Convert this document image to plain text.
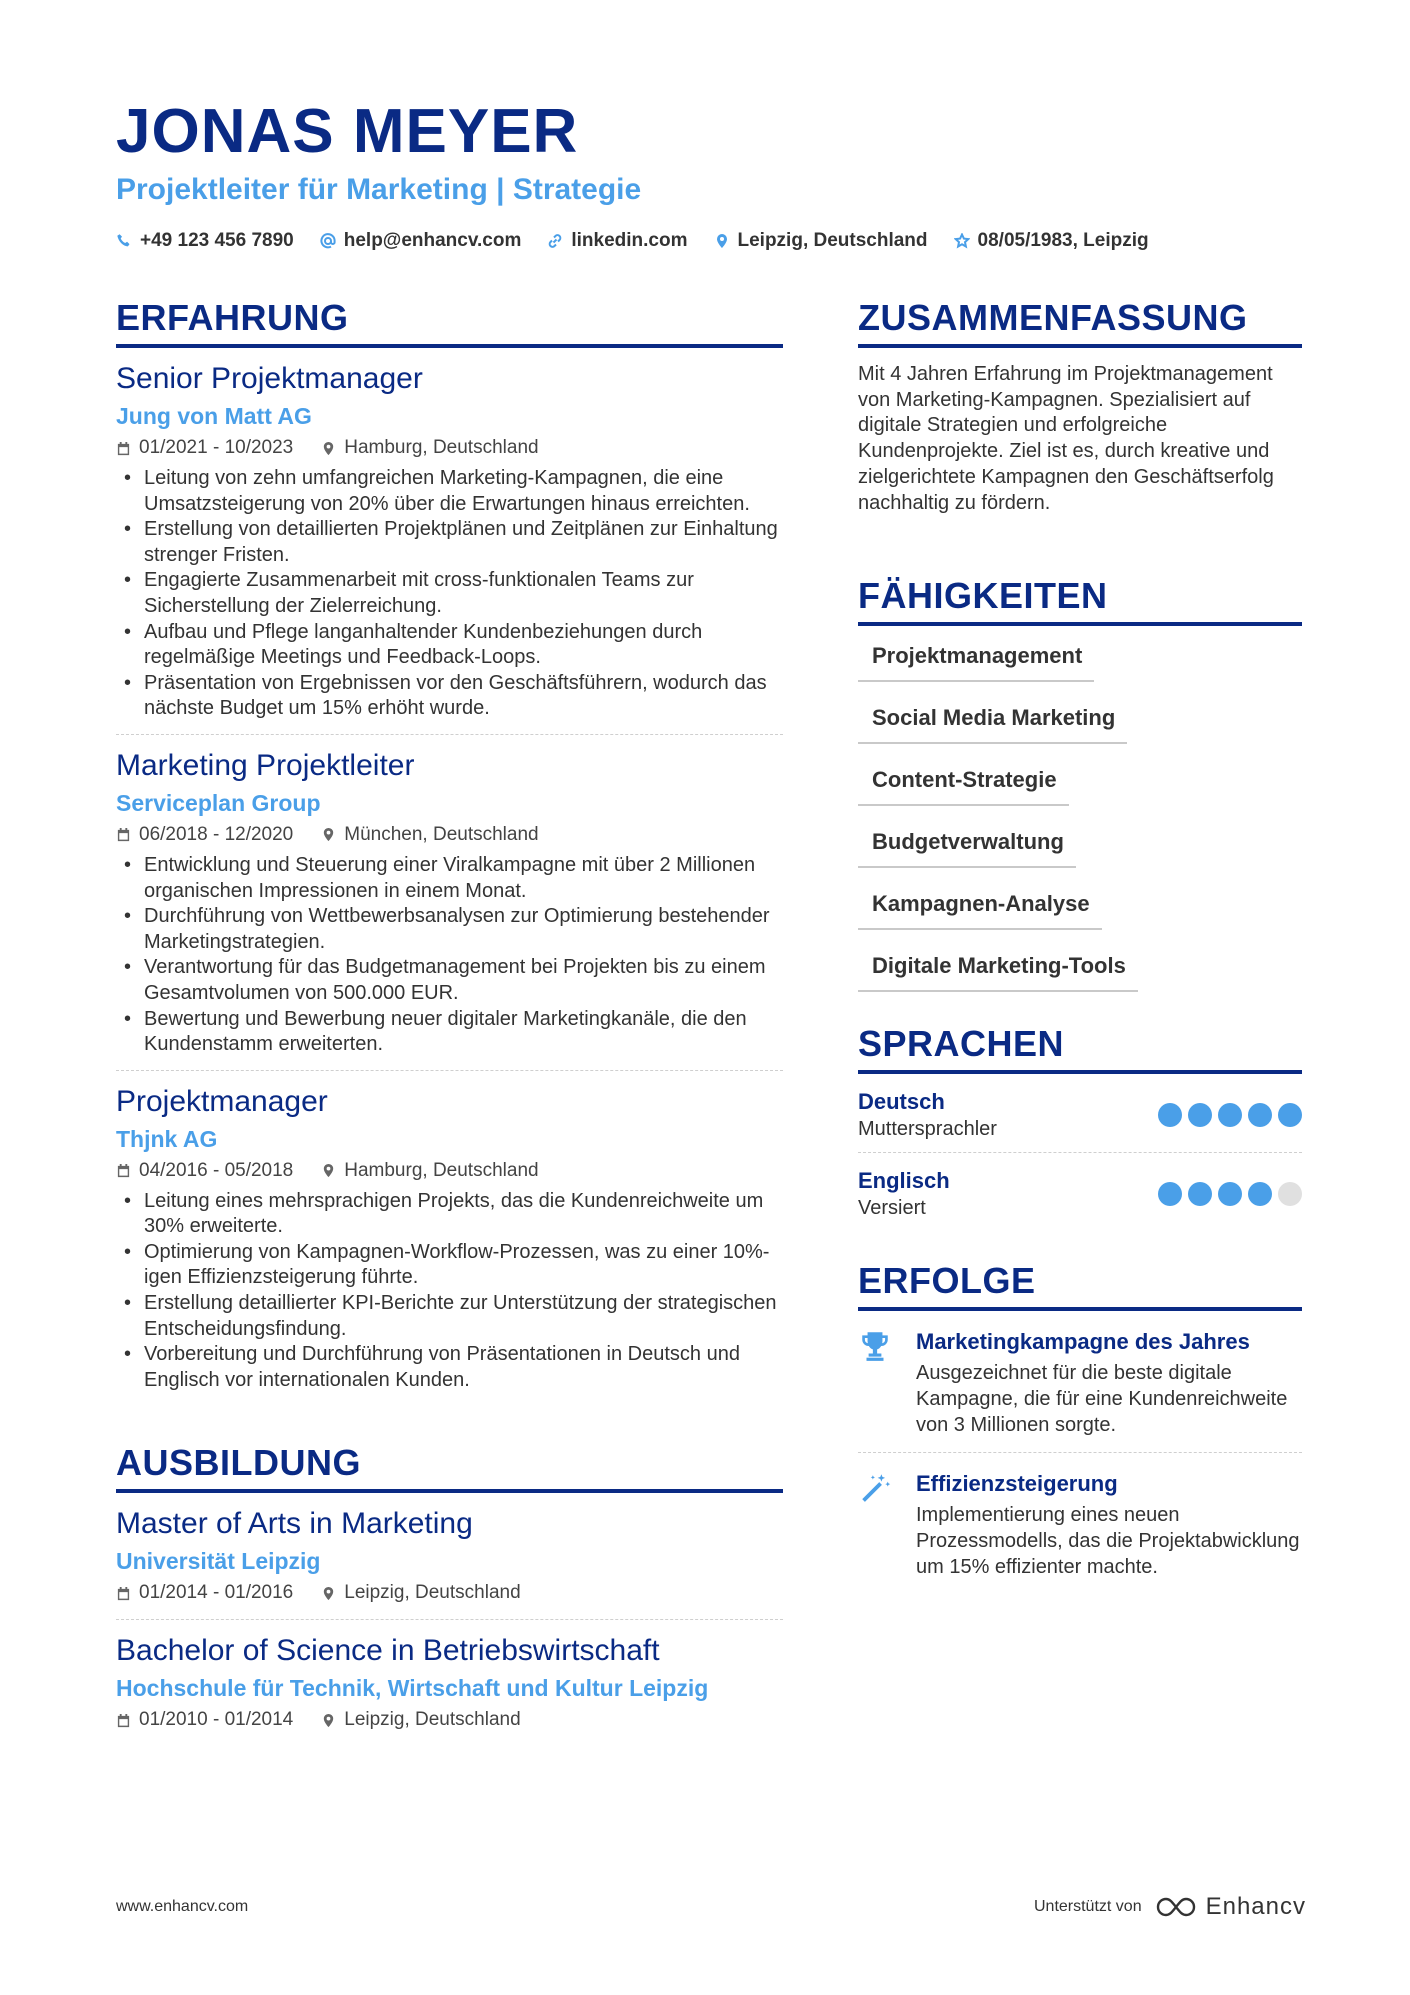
JONAS MEYER
Projektleiter für Marketing | Strategie
+49 123 456 7890	help@enhancv.com	linkedin.com	Leipzig, Deutschland	08/05/1983, Leipzig
ERFAHRUNG
Senior Projektmanager
Jung von Matt AG
01/2021 - 10/2023	Hamburg, Deutschland
• Leitung von zehn umfangreichen Marketing-Kampagnen, die eine Umsatzsteigerung von 20% über die Erwartungen hinaus erreichten.
• Erstellung von detaillierten Projektplänen und Zeitplänen zur Einhaltung strenger Fristen.
• Engagierte Zusammenarbeit mit cross-funktionalen Teams zur Sicherstellung der Zielerreichung.
• Aufbau und Pflege langanhaltender Kundenbeziehungen durch regelmäßige Meetings und Feedback-Loops.
• Präsentation von Ergebnissen vor den Geschäftsführern, wodurch das nächste Budget um 15% erhöht wurde.
Marketing Projektleiter
Serviceplan Group
06/2018 - 12/2020	München, Deutschland
• Entwicklung und Steuerung einer Viralkampagne mit über 2 Millionen organischen Impressionen in einem Monat.
• Durchführung von Wettbewerbsanalysen zur Optimierung bestehender Marketingstrategien.
• Verantwortung für das Budgetmanagement bei Projekten bis zu einem Gesamtvolumen von 500.000 EUR.
• Bewertung und Bewerbung neuer digitaler Marketingkanäle, die den Kundenstamm erweiterten.
Projektmanager
Thjnk AG
04/2016 - 05/2018	Hamburg, Deutschland
• Leitung eines mehrsprachigen Projekts, das die Kundenreichweite um 30% erweiterte.
• Optimierung von Kampagnen-Workflow-Prozessen, was zu einer 10%-igen Effizienzsteigerung führte.
• Erstellung detaillierter KPI-Berichte zur Unterstützung der strategischen Entscheidungsfindung.
• Vorbereitung und Durchführung von Präsentationen in Deutsch und Englisch vor internationalen Kunden.
AUSBILDUNG
Master of Arts in Marketing
Universität Leipzig
01/2014 - 01/2016	Leipzig, Deutschland
Bachelor of Science in Betriebswirtschaft
Hochschule für Technik, Wirtschaft und Kultur Leipzig
01/2010 - 01/2014	Leipzig, Deutschland
ZUSAMMENFASSUNG

Mit 4 Jahren Erfahrung im Projektmanagement von Marketing-Kampagnen. Spezialisiert auf digitale Strategien und erfolgreiche Kundenprojekte. Ziel ist es, durch kreative und zielgerichtete Kampagnen den Geschäftserfolg nachhaltig zu fördern.

FÄHIGKEITEN
Projektmanagement
Social Media Marketing
Content-Strategie
Budgetverwaltung
Kampagnen-Analyse
Digitale Marketing-Tools
SPRACHEN
Deutsch
Muttersprachler
Englisch
Versiert
ERFOLGE
Marketingkampagne des Jahres
Ausgezeichnet für die beste digitale Kampagne, die für eine Kundenreichweite von 3 Millionen sorgte.
Effizienzsteigerung
Implementierung eines neuen Prozessmodells, das die Projektabwicklung um 15% effizienter machte.
www.enhancv.com	Unterstützt von	Enhancv
